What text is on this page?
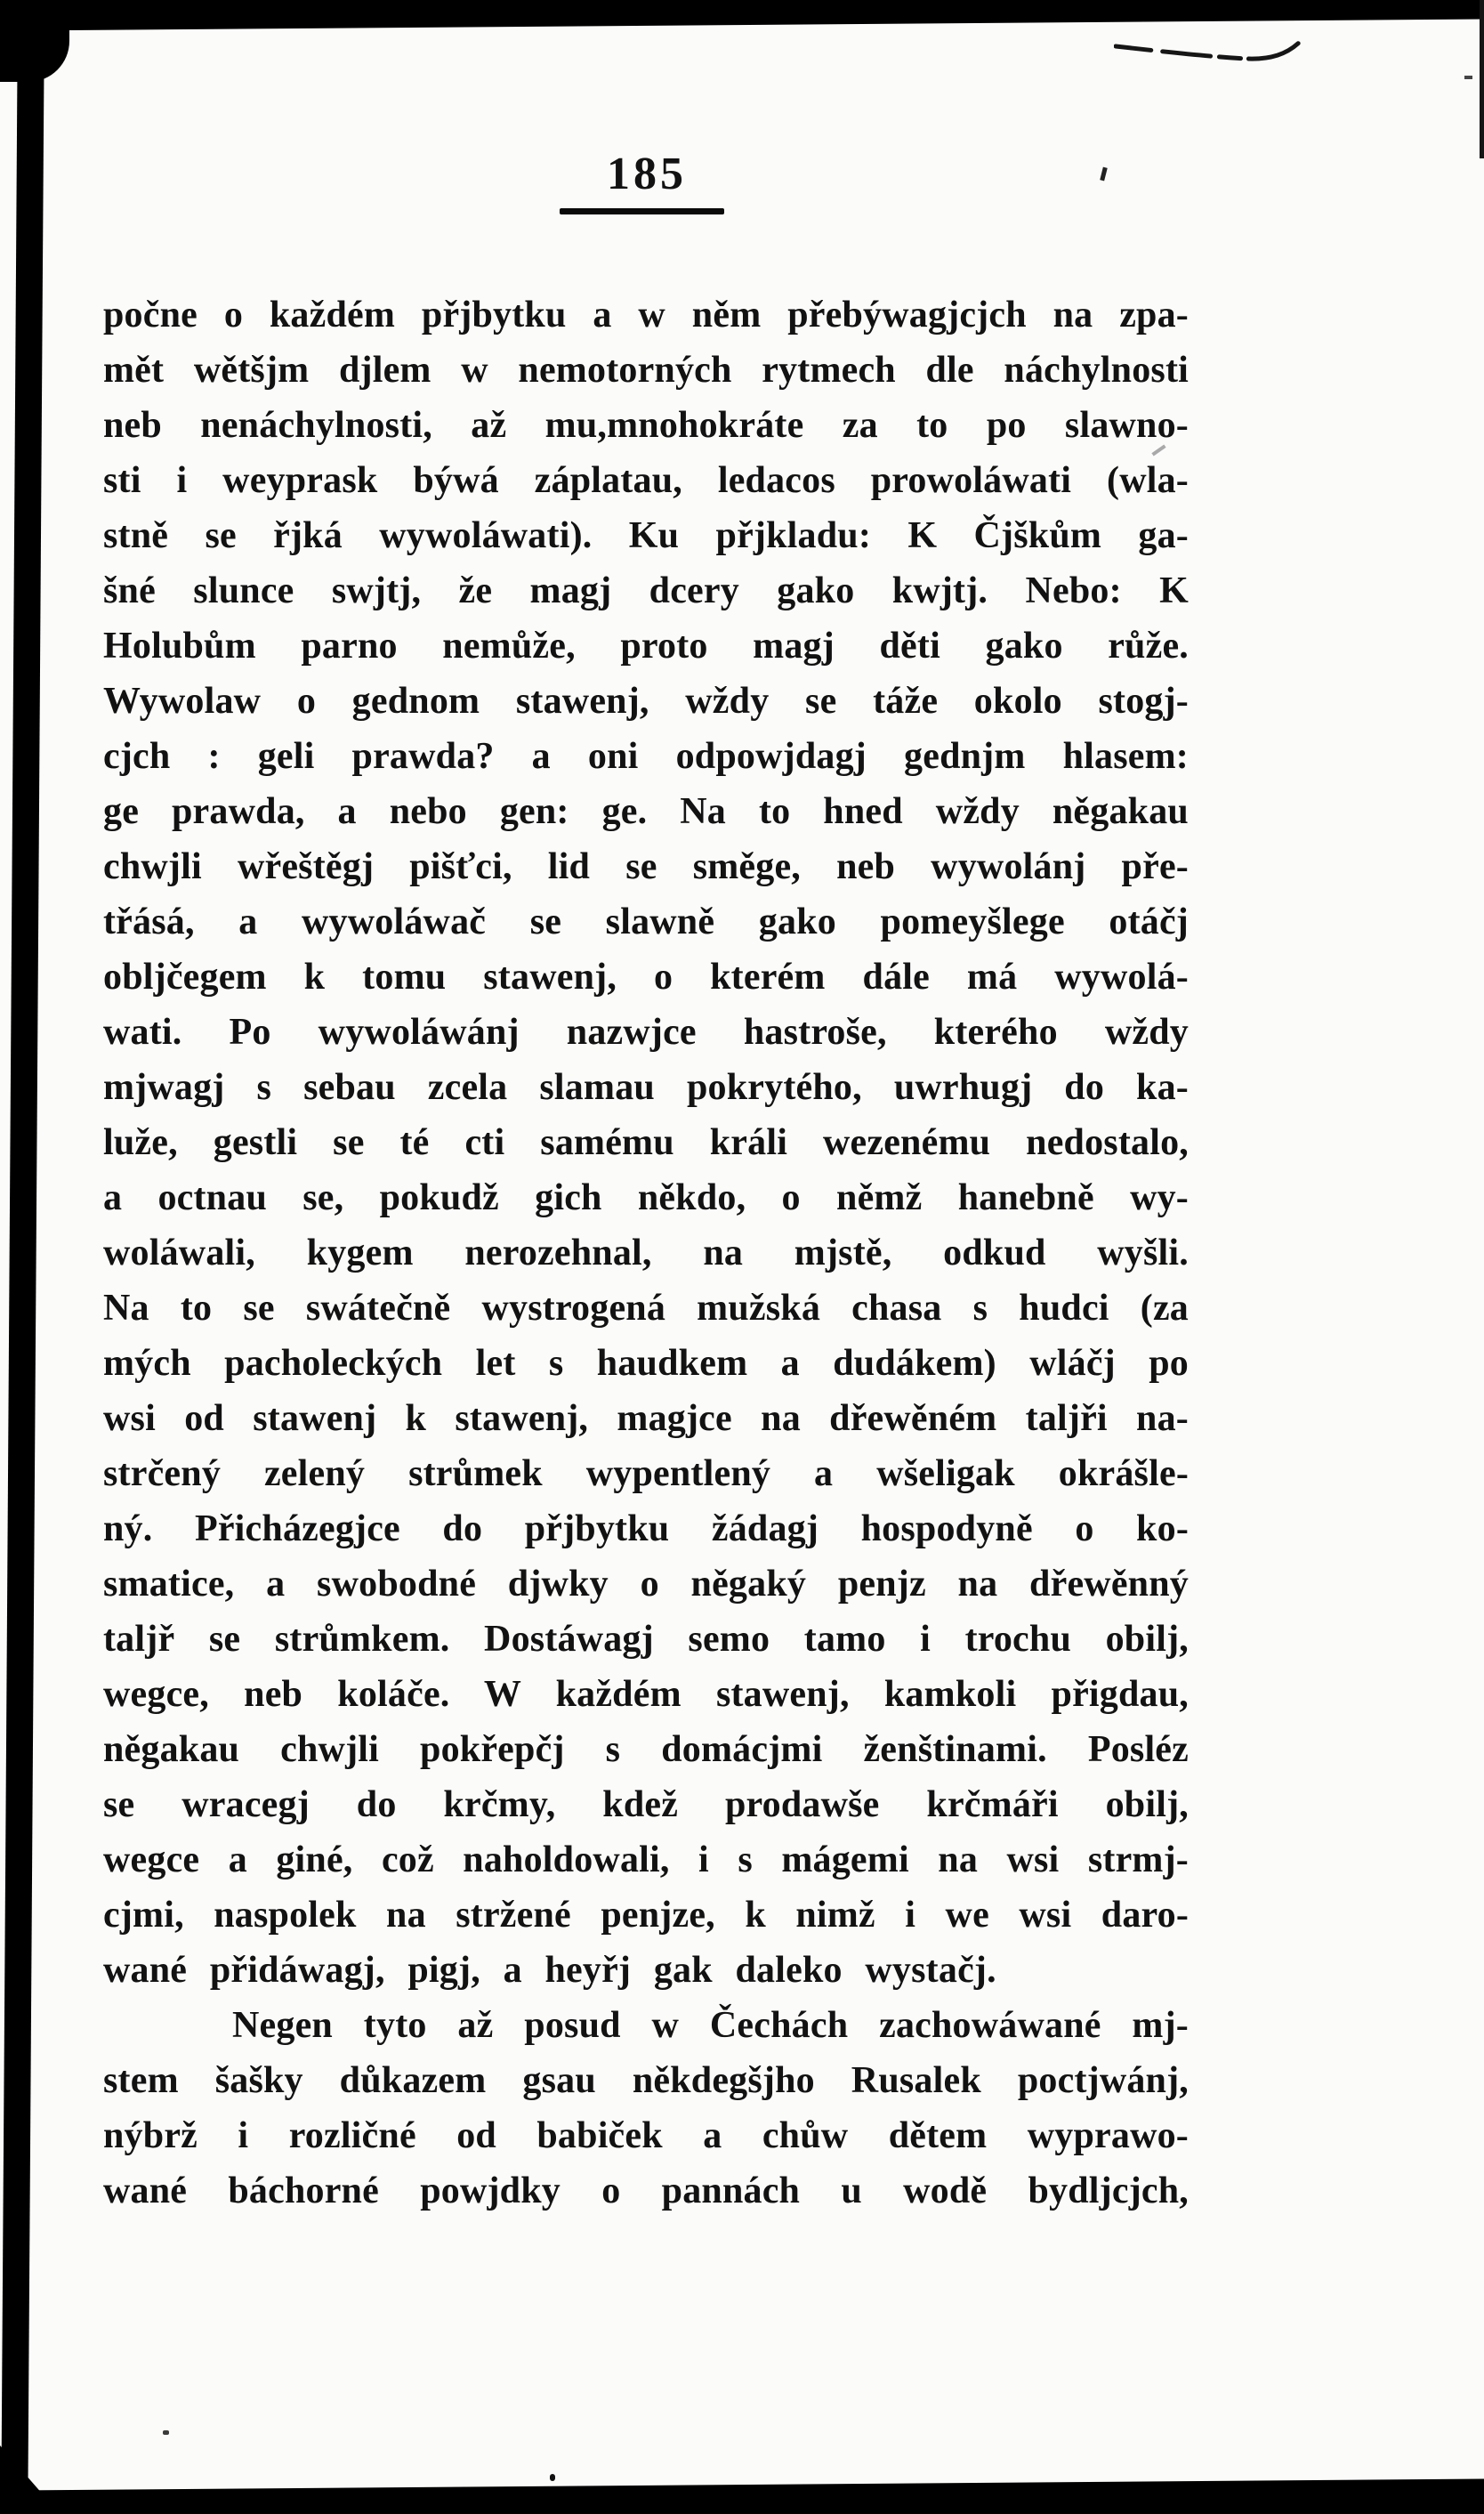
185
počne o každém přjbytku a w něm přebýwagjcjch na zpa-
mět wětšjm djlem w nemotorných rytmech dle náchylnosti
neb nenáchylnosti, až mu,mnohokráte za to po slawno-
sti i weyprask býwá záplatau, ledacos prowoláwati (wla-
stně se řjká wywoláwati). Ku přjkladu: K Čjškům ga-
šné slunce swjtj, že magj dcery gako kwjtj. Nebo: K
Holubům parno nemůže, proto magj děti gako růže.
Wywolaw o gednom stawenj, wždy se táže okolo stogj-
cjch : geli prawda? a oni odpowjdagj gednjm hlasem:
ge prawda, a nebo gen: ge. Na to hned wždy něgakau
chwjli wřeštěgj pišťci, lid se směge, neb wywolánj pře-
třásá, a wywoláwač se slawně gako pomeyšlege otáčj
obljčegem k tomu stawenj, o kterém dále má wywolá-
wati. Po wywoláwánj nazwjce hastroše, kterého wždy
mjwagj s sebau zcela slamau pokrytého, uwrhugj do ka-
luže, gestli se té cti samému králi wezenému nedostalo,
a octnau se, pokudž gich někdo, o němž hanebně wy-
woláwali, kygem nerozehnal, na mjstě, odkud wyšli.
Na to se swátečně wystrogená mužská chasa s hudci (za
mých pacholeckých let s haudkem a dudákem) wláčj po
wsi od stawenj k stawenj, magjce na dřewěném taljři na-
strčený zelený strůmek wypentlený a wšeligak okrášle-
ný. Přicházegjce do přjbytku žádagj hospodyně o ko-
smatice, a swobodné djwky o něgaký penjz na dřewěnný
taljř se strůmkem. Dostáwagj semo tamo i trochu obilj,
wegce, neb koláče. W každém stawenj, kamkoli přigdau,
něgakau chwjli pokřepčj s domácjmi ženštinami. Posléz
se wracegj do krčmy, kdež prodawše krčmáři obilj,
wegce a giné, což naholdowali, i s mágemi na wsi strmj-
cjmi, naspolek na stržené penjze, k nimž i we wsi daro-
wané přidáwagj, pigj, a heyřj gak daleko wystačj.
Negen tyto až posud w Čechách zachowáwané mj-
stem šašky důkazem gsau někdegšjho Rusalek poctjwánj,
nýbrž i rozličné od babiček a chůw dětem wyprawo-
wané báchorné powjdky o pannách u wodě bydljcjch,
